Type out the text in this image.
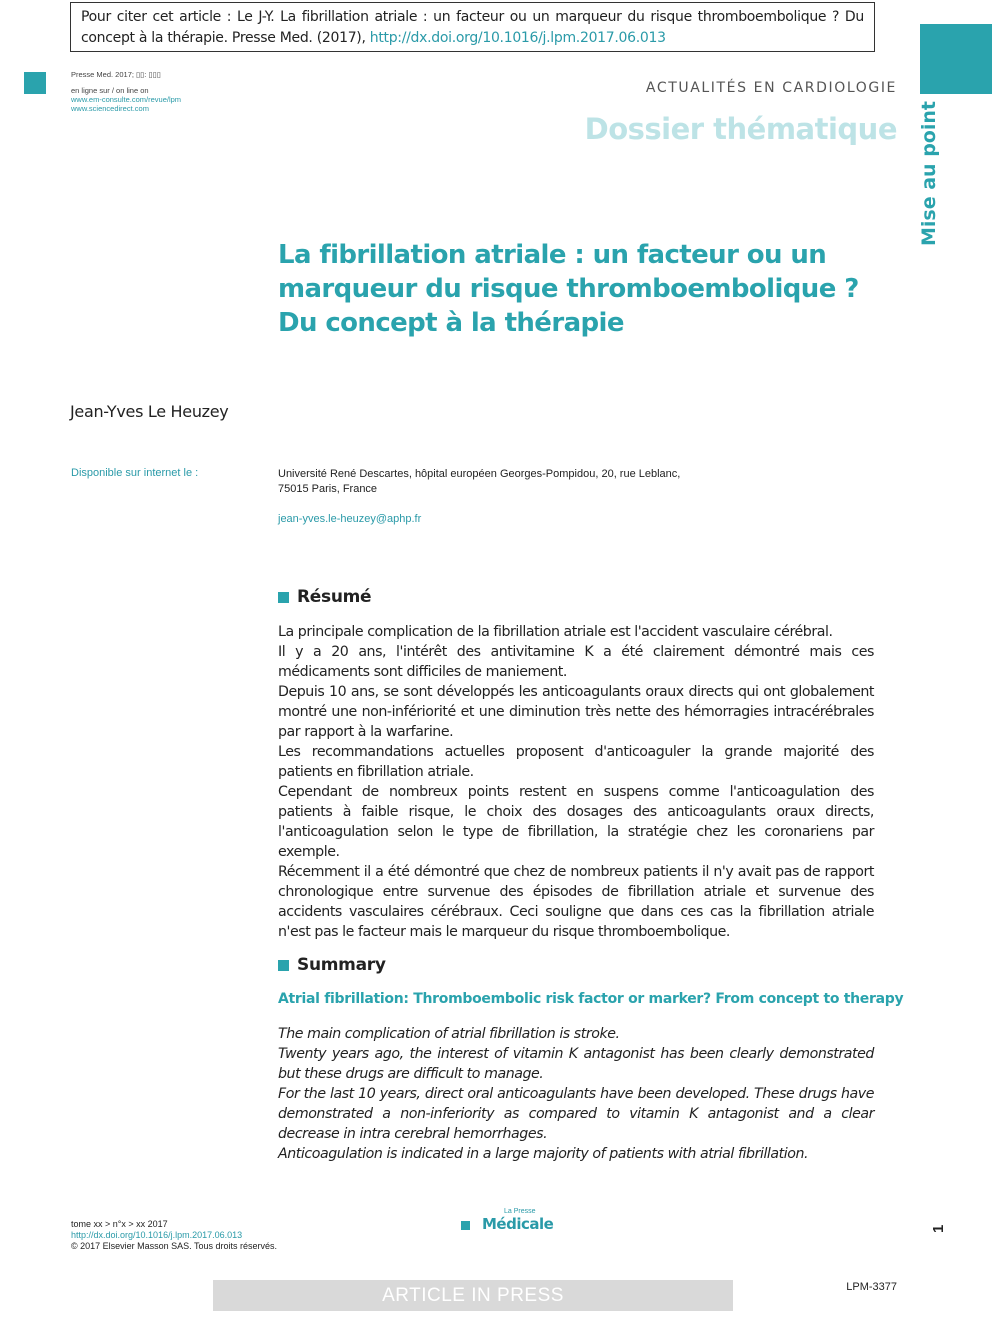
Pour citer cet article : Le J-Y. La fibrillation atriale : un facteur ou un marqueur du risque thromboembolique ? Du concept à la thérapie. Presse Med. (2017), http://dx.doi.org/10.1016/j.lpm.2017.06.013
Presse Med. 2017; ▯▯: ▯▯▯
en ligne sur / on line on
www.em-consulte.com/revue/lpm
www.sciencedirect.com
ACTUALITÉS EN CARDIOLOGIE
Dossier thématique Mise au point
La fibrillation atriale : un facteur ou un marqueur du risque thromboembolique ? Du concept à la thérapie
Jean-Yves Le Heuzey
Disponible sur internet le :	Université René Descartes, hôpital européen Georges-Pompidou, 20, rue Leblanc,
75015 Paris, France
jean-yves.le-heuzey@aphp.fr
Résumé

La principale complication de la fibrillation atriale est l'accident vasculaire cérébral.

Il y a 20 ans, l'intérêt des antivitamine K a été clairement démontré mais ces médicaments sont difficiles de maniement.

Depuis 10 ans, se sont développés les anticoagulants oraux directs qui ont globalement montré une non-infériorité et une diminution très nette des hémorragies intracérébrales par rapport à la warfarine.

Les recommandations actuelles proposent d'anticoaguler la grande majorité des patients en fibrillation atriale.

Cependant de nombreux points restent en suspens comme l'anticoagulation des patients à faible risque, le choix des dosages des anticoagulants oraux directs, l'anticoagulation selon le type de fibrillation, la stratégie chez les coronariens par exemple.

Récemment il a été démontré que chez de nombreux patients il n'y avait pas de rapport chronologique entre survenue des épisodes de fibrillation atriale et survenue des accidents vasculaires cérébraux. Ceci souligne que dans ces cas la fibrillation atriale n'est pas le facteur mais le marqueur du risque thromboembolique.

Summary
Atrial fibrillation: Thromboembolic risk factor or marker? From concept to therapy

The main complication of atrial fibrillation is stroke.

Twenty years ago, the interest of vitamin K antagonist has been clearly demonstrated but these drugs are difficult to manage.

For the last 10 years, direct oral anticoagulants have been developed. These drugs have demonstrated a non-inferiority as compared to vitamin K antagonist and a clear decrease in intra cerebral hemorrhages.

Anticoagulation is indicated in a large majority of patients with atrial fibrillation.

tome xx > n°x > xx 2017
http://dx.doi.org/10.1016/j.lpm.2017.06.013
© 2017 Elsevier Masson SAS. Tous droits réservés.
La Presse
Médicale	1
ARTICLE IN PRESS	LPM-3377
